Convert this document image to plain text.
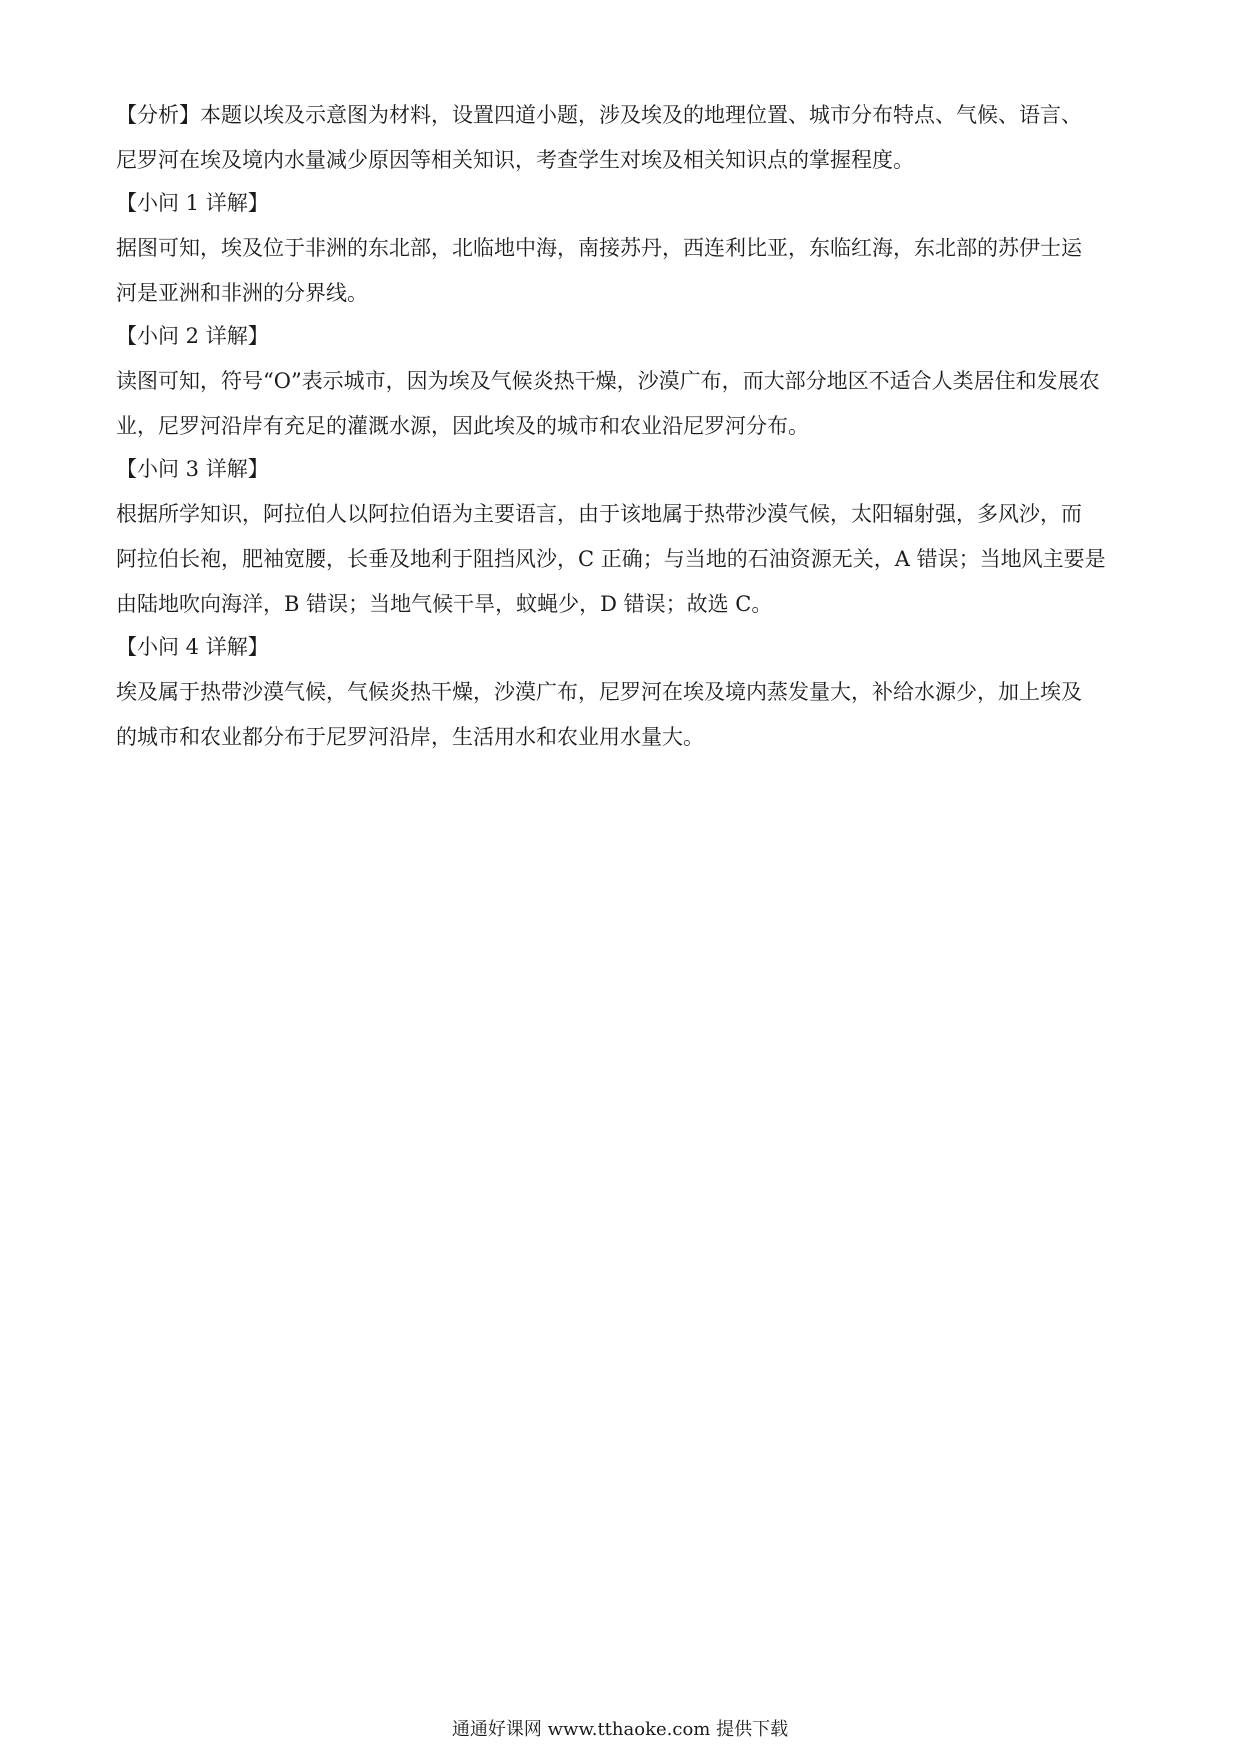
【分析】本题以埃及示意图为材料，设置四道小题，涉及埃及的地理位置、城市分布特点、气候、语言、

尼罗河在埃及境内水量减少原因等相关知识，考查学生对埃及相关知识点的掌握程度。

【小问 1 详解】

据图可知，埃及位于非洲的东北部，北临地中海，南接苏丹，西连利比亚，东临红海，东北部的苏伊士运

河是亚洲和非洲的分界线。

【小问 2 详解】

读图可知，符号“O”表示城市，因为埃及气候炎热干燥，沙漠广布，而大部分地区不适合人类居住和发展农

业，尼罗河沿岸有充足的灌溉水源，因此埃及的城市和农业沿尼罗河分布。

【小问 3 详解】

根据所学知识，阿拉伯人以阿拉伯语为主要语言，由于该地属于热带沙漠气候，太阳辐射强，多风沙，而

阿拉伯长袍，肥袖宽腰，长垂及地利于阻挡风沙，C 正确；与当地的石油资源无关，A 错误；当地风主要是

由陆地吹向海洋，B 错误；当地气候干旱，蚊蝇少，D 错误；故选 C。

【小问 4 详解】

埃及属于热带沙漠气候，气候炎热干燥，沙漠广布，尼罗河在埃及境内蒸发量大，补给水源少，加上埃及

的城市和农业都分布于尼罗河沿岸，生活用水和农业用水量大。

通通好课网 www.tthaoke.com 提供下载
